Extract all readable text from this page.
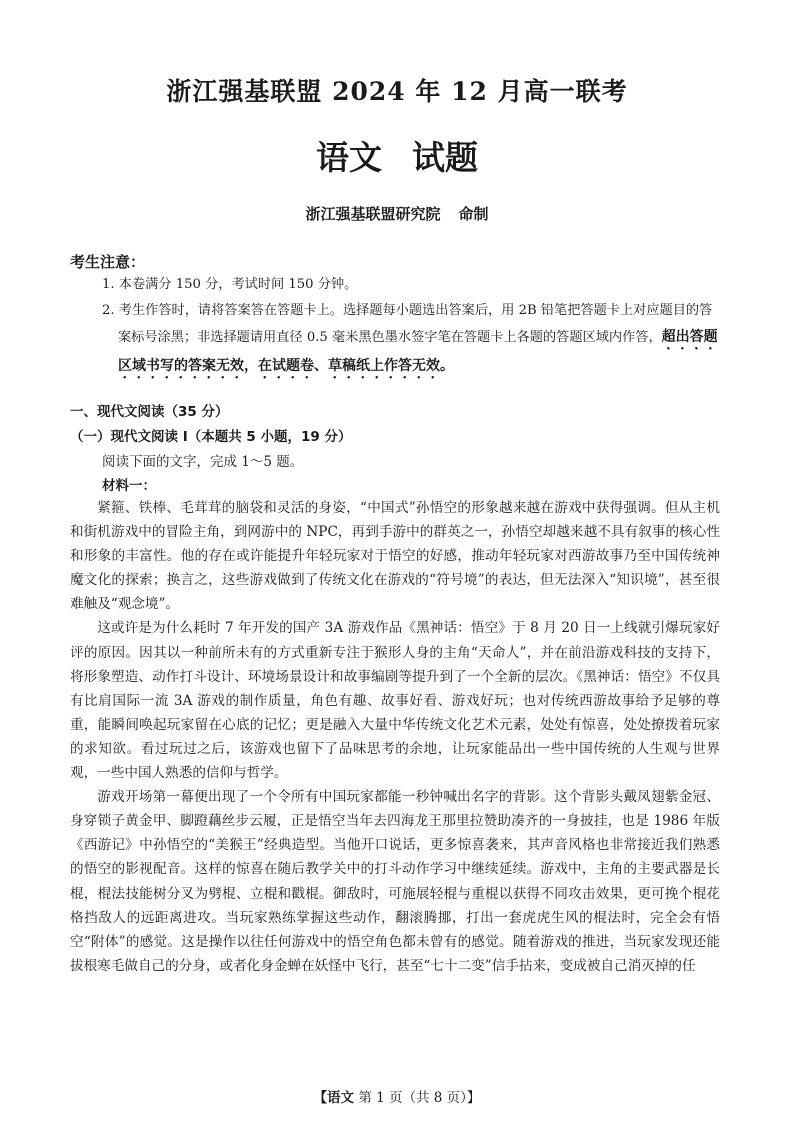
浙江强基联盟 2024 年 12 月高一联考
语文 试题
浙江强基联盟研究院 命制
考生注意：
1. 本卷满分 150 分，考试时间 150 分钟。
2. 考生作答时，请将答案答在答题卡上。选择题每小题选出答案后，用 2B 铅笔把答题卡上对应题目的答案标号涂黑；非选择题请用直径 0.5 毫米黑色墨水签字笔在答题卡上各题的答题区域内作答，超出答题区域书写的答案无效，在试题卷、草稿纸上作答无效。
一、现代文阅读（35 分）
（一）现代文阅读 Ⅰ（本题共 5 小题，19 分）
阅读下面的文字，完成 1～5 题。
材料一：

紧箍、铁棒、毛茸茸的脑袋和灵活的身姿，“中国式”孙悟空的形象越来越在游戏中获得强调。但从主机和街机游戏中的冒险主角，到网游中的 NPC，再到手游中的群英之一，孙悟空却越来越不具有叙事的核心性和形象的丰富性。他的存在或许能提升年轻玩家对于悟空的好感，推动年轻玩家对西游故事乃至中国传统神魔文化的探索；换言之，这些游戏做到了传统文化在游戏的“符号境”的表达，但无法深入“知识境”，甚至很难触及“观念境”。

这或许是为什么耗时 7 年开发的国产 3A 游戏作品《黑神话：悟空》于 8 月 20 日一上线就引爆玩家好评的原因。因其以一种前所未有的方式重新专注于猴形人身的主角“天命人”，并在前沿游戏科技的支持下，将形象塑造、动作打斗设计、环境场景设计和故事编剧等提升到了一个全新的层次。《黑神话：悟空》不仅具有比肩国际一流 3A 游戏的制作质量，角色有趣、故事好看、游戏好玩；也对传统西游故事给予足够的尊重，能瞬间唤起玩家留在心底的记忆；更是融入大量中华传统文化艺术元素，处处有惊喜，处处撩拨着玩家的求知欲。看过玩过之后，该游戏也留下了品味思考的余地，让玩家能品出一些中国传统的人生观与世界观，一些中国人熟悉的信仰与哲学。

游戏开场第一幕便出现了一个令所有中国玩家都能一秒钟喊出名字的背影。这个背影头戴凤翅紫金冠、身穿锁子黄金甲、脚蹬藕丝步云履，正是悟空当年去四海龙王那里拉赞助凑齐的一身披挂，也是 1986 年版《西游记》中孙悟空的“美猴王”经典造型。当他开口说话，更多惊喜袭来，其声音风格也非常接近我们熟悉的悟空的影视配音。这样的惊喜在随后教学关中的打斗动作学习中继续延续。游戏中，主角的主要武器是长棍，棍法技能树分叉为劈棍、立棍和戳棍。御敌时，可施展轻棍与重棍以获得不同攻击效果，更可挽个棍花格挡敌人的远距离进攻。当玩家熟练掌握这些动作，翻滚腾挪，打出一套虎虎生风的棍法时，完全会有悟空“附体”的感觉。这是操作以往任何游戏中的悟空角色都未曾有的感觉。随着游戏的推进，当玩家发现还能拔根寒毛做自己的分身，或者化身金蝉在妖怪中飞行，甚至“七十二变”信手拈来，变成被自己消灭掉的任

【语文 第 1 页（共 8 页）】
